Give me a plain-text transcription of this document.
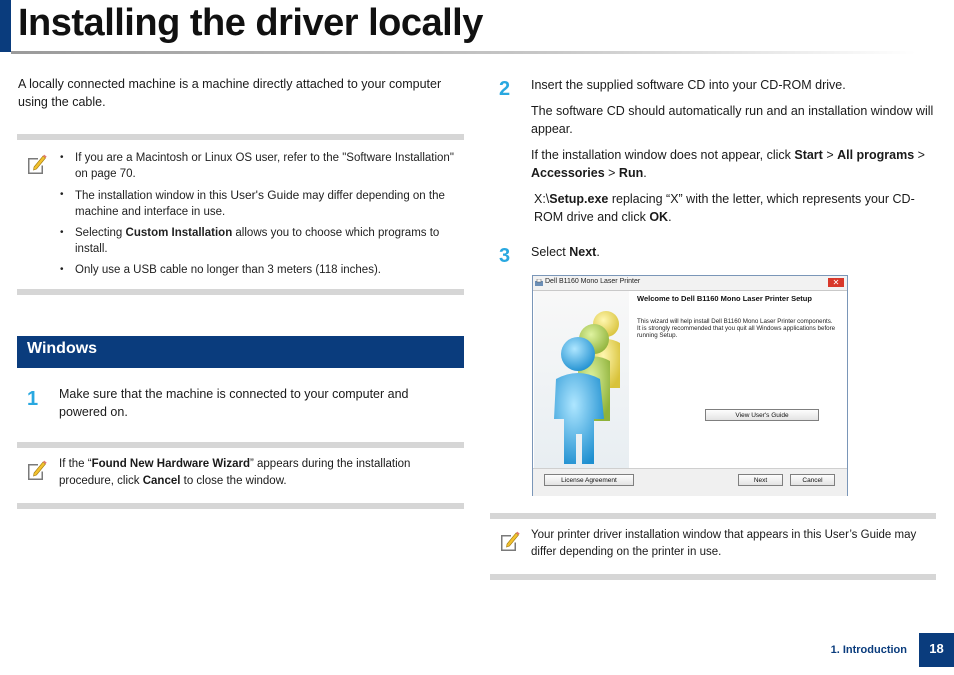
Installing the driver locally
A locally connected machine is a machine directly attached to your computer using the cable.
• If you are a Macintosh or Linux OS user, refer to the "Software Installation" on page 70.
• The installation window in this User's Guide may differ depending on the machine and interface in use.
• Selecting Custom Installation allows you to choose which programs to install.
• Only use a USB cable no longer than 3 meters (118 inches).
Windows
1 Make sure that the machine is connected to your computer and powered on.
If the “Found New Hardware Wizard” appears during the installation procedure, click Cancel to close the window.
2 Insert the supplied software CD into your CD-ROM drive.
The software CD should automatically run and an installation window will appear.
If the installation window does not appear, click Start > All programs > Accessories > Run.
X:\Setup.exe replacing “X” with the letter, which represents your CD-ROM drive and click OK.
3 Select Next.
Dell B1160 Mono Laser Printer	✕
Welcome to Dell B1160 Mono Laser Printer Setup
This wizard will help install Dell B1160 Mono Laser Printer components.
It is strongly recommended that you quit all Windows applications before running Setup.
View User's Guide
License Agreement	Next	Cancel
Your printer driver installation window that appears in this User’s Guide may differ depending on the printer in use.
1. Introduction	18
